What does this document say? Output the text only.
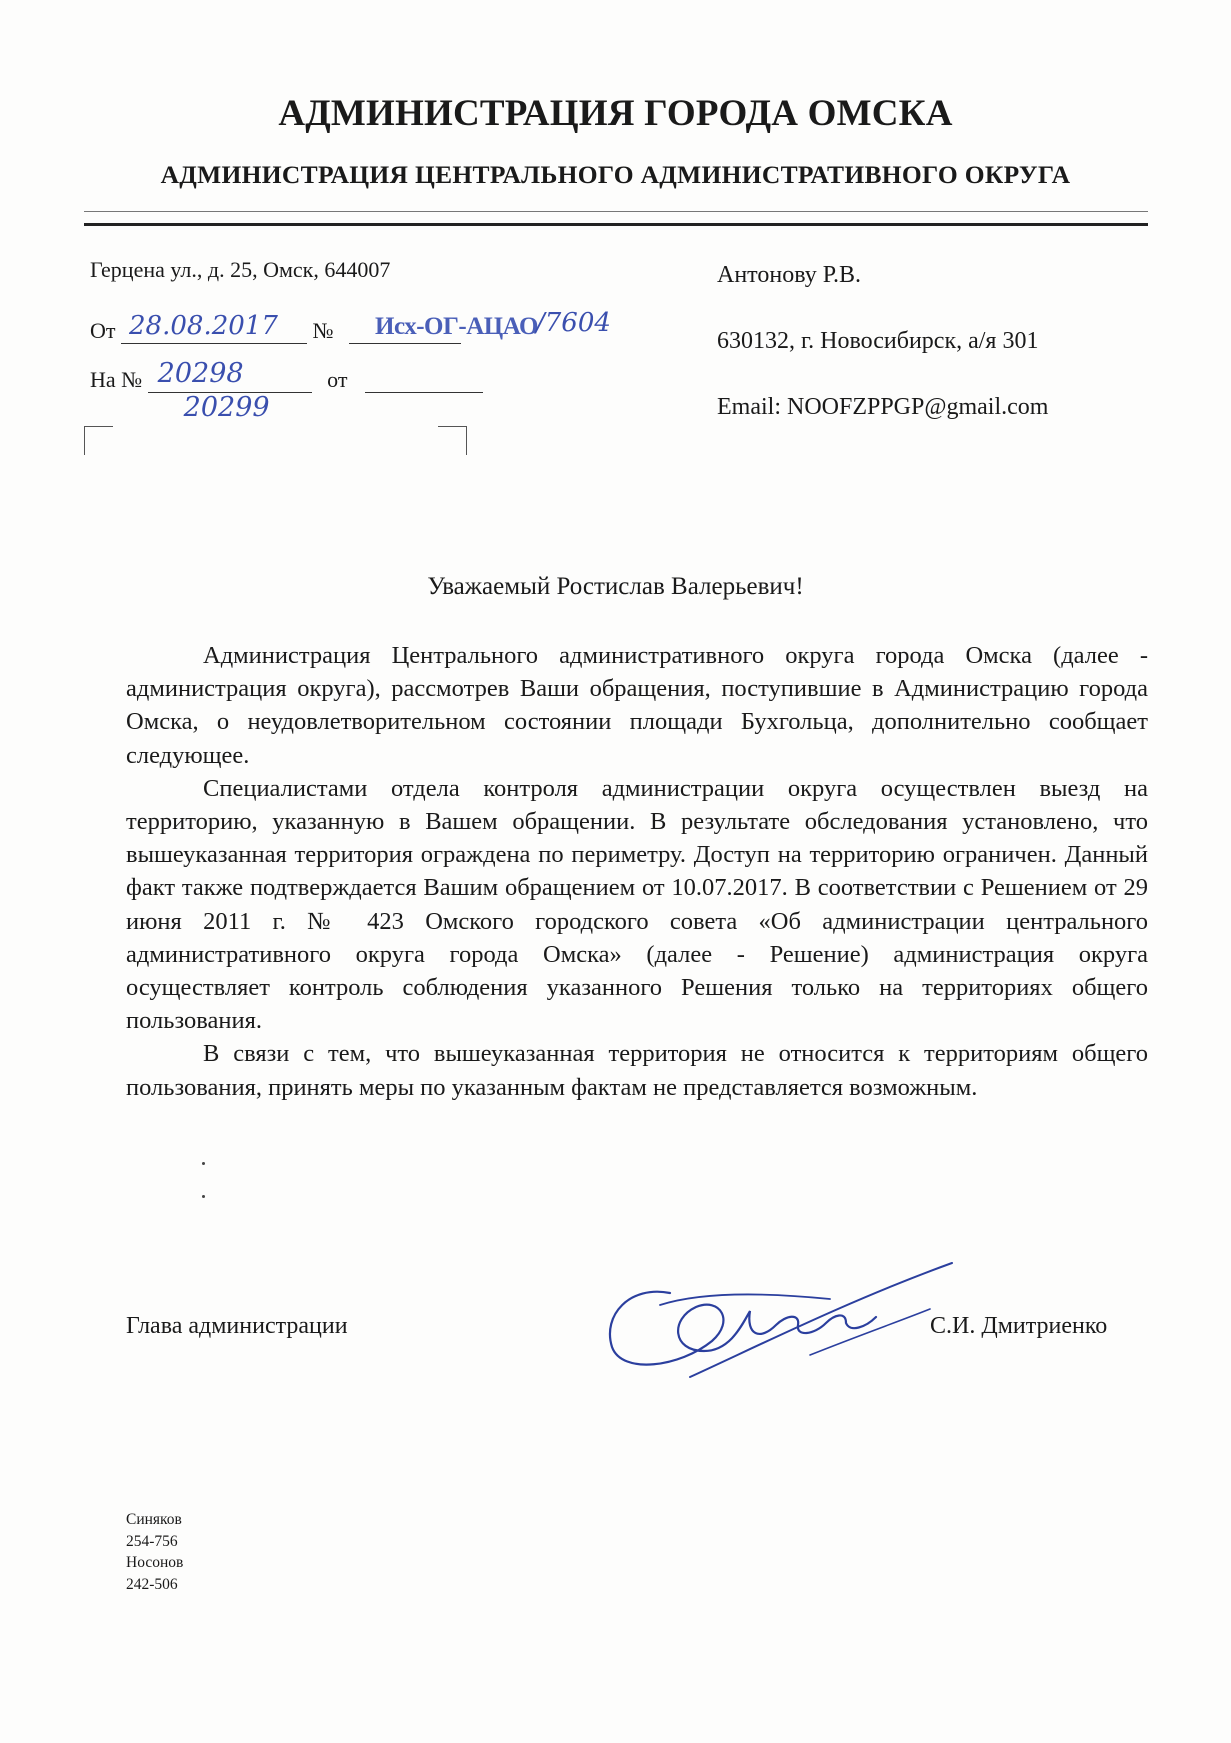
АДМИНИСТРАЦИЯ ГОРОДА ОМСКА
АДМИНИСТРАЦИЯ ЦЕНТРАЛЬНОГО АДМИНИСТРАТИВНОГО ОКРУГА
Герцена ул., д. 25, Омск, 644007
От 28.08.2017 № Исх-ОГ-АЦАО
/7604
На № 20298
20299
от
Антонову Р.В.
630132, г. Новосибирск, а/я 301
Email: NOOFZPPGP@gmail.com
Уважаемый Ростислав Валерьевич!

Администрация Центрального административного округа города Омска (далее - администрация округа), рассмотрев Ваши обращения, поступившие в Администрацию города Омска, о неудовлетворительном состоянии площади Бухгольца, дополнительно сообщает следующее.

Специалистами отдела контроля администрации округа осуществлен выезд на территорию, указанную в Вашем обращении. В результате обследования установлено, что вышеуказанная территория ограждена по периметру. Доступ на территорию ограничен. Данный факт также подтверждается Вашим обращением от 10.07.2017. В соответствии с Решением от 29 июня 2011 г. № 423 Омского городского совета «Об администрации центрального административного округа города Омска» (далее - Решение) администрация округа осуществляет контроль соблюдения указанного Решения только на территориях общего пользования.

В связи с тем, что вышеуказанная территория не относится к территориям общего пользования, принять меры по указанным фактам не представляется возможным.

Глава администрации	С.И. Дмитриенко
Синяков
254-756
Носонов
242-506
